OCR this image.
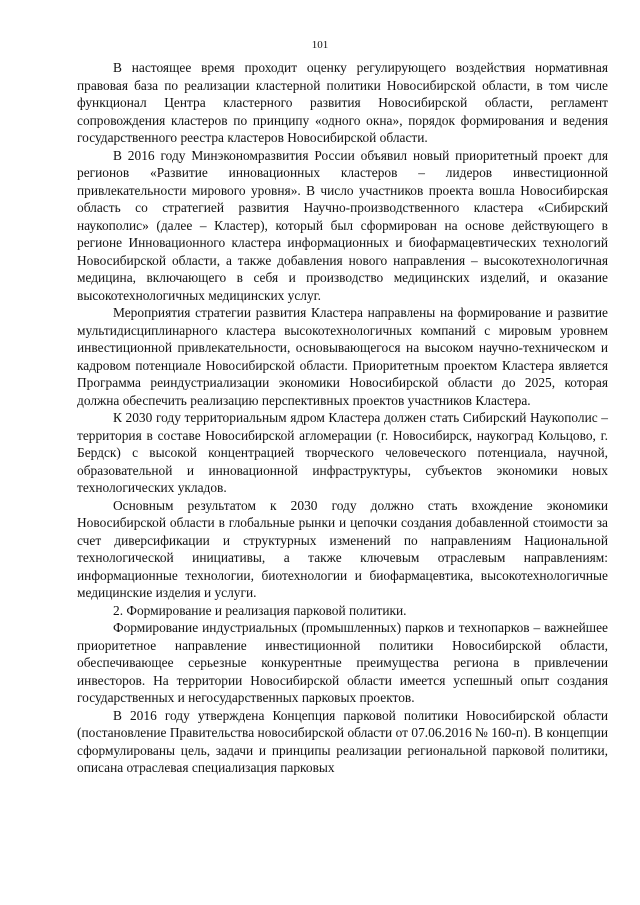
101

В настоящее время проходит оценку регулирующего воздействия нормативная правовая база по реализации кластерной политики Новосибирской области, в том числе функционал Центра кластерного развития Новосибирской области, регламент сопровождения кластеров по принципу «одного окна», порядок формирования и ведения государственного реестра кластеров Новосибирской области.

В 2016 году Минэкономразвития России объявил новый приоритетный проект для регионов «Развитие инновационных кластеров – лидеров инвестиционной привлекательности мирового уровня». В число участников проекта вошла Новосибирская область со стратегией развития Научно-производственного кластера «Сибирский наукополис» (далее – Кластер), который был сформирован на основе действующего в регионе Инновационного кластера информационных и биофармацевтических технологий Новосибирской области, а также добавления нового направления – высокотехнологичная медицина, включающего в себя и производство медицинских изделий, и оказание высокотехнологичных медицинских услуг.

Мероприятия стратегии развития Кластера направлены на формирование и развитие мультидисциплинарного кластера высокотехнологичных компаний с мировым уровнем инвестиционной привлекательности, основывающегося на высоком научно-техническом и кадровом потенциале Новосибирской области. Приоритетным проектом Кластера является Программа реиндустриализации экономики Новосибирской области до 2025, которая должна обеспечить реализацию перспективных проектов участников Кластера.

К 2030 году территориальным ядром Кластера должен стать Сибирский Наукополис – территория в составе Новосибирской агломерации (г. Новосибирск, наукоград Кольцово, г. Бердск) с высокой концентрацией творческого человеческого потенциала, научной, образовательной и инновационной инфраструктуры, субъектов экономики новых технологических укладов.

Основным результатом к 2030 году должно стать вхождение экономики Новосибирской области в глобальные рынки и цепочки создания добавленной стоимости за счет диверсификации и структурных изменений по направлениям Национальной технологической инициативы, а также ключевым отраслевым направлениям: информационные технологии, биотехнологии и биофармацевтика, высокотехнологичные медицинские изделия и услуги.

2. Формирование и реализация парковой политики.

Формирование индустриальных (промышленных) парков и технопарков – важнейшее приоритетное направление инвестиционной политики Новосибирской области, обеспечивающее серьезные конкурентные преимущества региона в привлечении инвесторов. На территории Новосибирской области имеется успешный опыт создания государственных и негосударственных парковых проектов.

В 2016 году утверждена Концепция парковой политики Новосибирской области (постановление Правительства новосибирской области от 07.06.2016 № 160-п). В концепции сформулированы цель, задачи и принципы реализации региональной парковой политики, описана отраслевая специализация парковых
